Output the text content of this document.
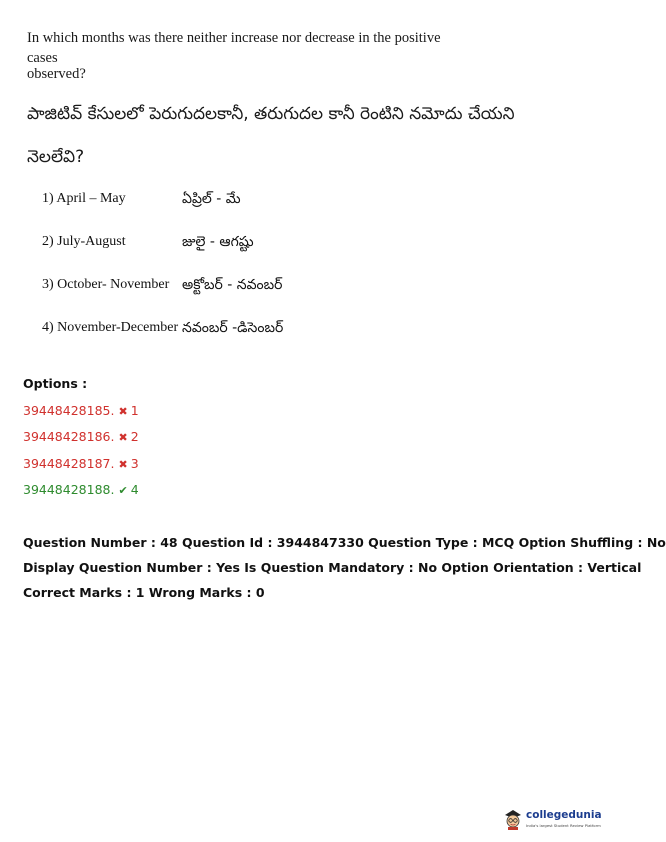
In which months was there neither increase nor decrease in the positive cases
observed?
పాజిటివ్ కేసులలో పెరుగుదలకానీ, తరుగుదల కానీ రెంటిని నమోదు చేయని
నెలలేవి?
1) April – May	ఏప్రిల్ - మే
2) July-August	జులై - ఆగష్టు
3) October- November అక్టోబర్ - నవంబర్
4) November-December నవంబర్ -డిసెంబర్
Options :
39448428185. ✖ 1
39448428186. ✖ 2
39448428187. ✖ 3
39448428188. ✔ 4
Question Number : 48 Question Id : 3944847330 Question Type : MCQ Option Shuffling : No
Display Question Number : Yes Is Question Mandatory : No Option Orientation : Vertical
Correct Marks : 1 Wrong Marks : 0
collegedunia
India's largest Student Review Platform
